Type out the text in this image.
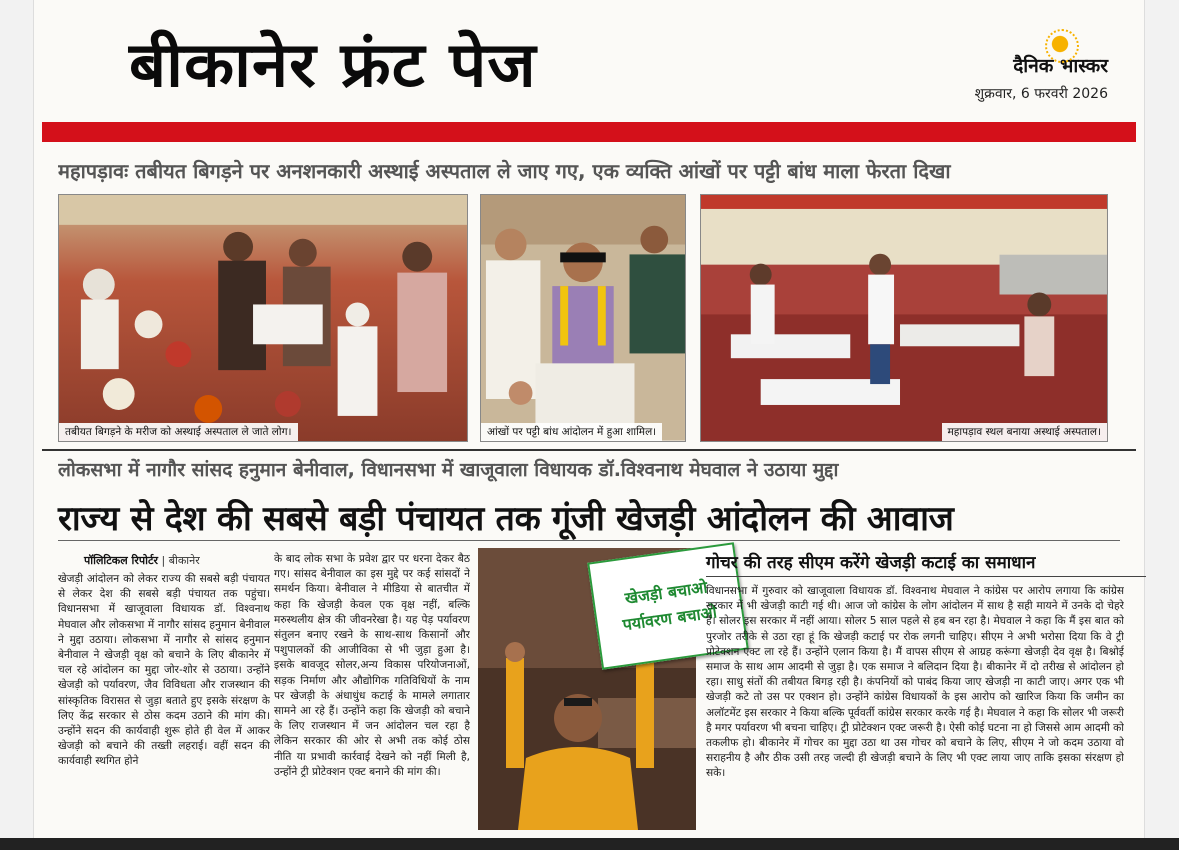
बीकानेर फ्रंट पेज	दैनिक भास्कर
शुक्रवार, 6 फरवरी 2026
महापड़ावः तबीयत बिगड़ने पर अनशनकारी अस्थाई अस्पताल ले जाए गए, एक व्यक्ति आंखों पर पट्टी बांध माला फेरता दिखा
तबीयत बिगड़ने के मरीज को अस्थाई अस्पताल ले जाते लोग।	आंखों पर पट्टी बांध आंदोलन में हुआ शामिल।	महापड़ाव स्थल बनाया अस्थाई अस्पताल।
लोकसभा में नागौर सांसद हनुमान बेनीवाल, विधानसभा में खाजूवाला विधायक डॉ.विश्वनाथ मेघवाल ने उठाया मुद्दा
राज्य से देश की सबसे बड़ी पंचायत तक गूंजी खेजड़ी आंदोलन की आवाज
पॉलिटिकल रिपोर्टर | बीकानेर
खेजड़ी आंदोलन को लेकर राज्य की सबसे बड़ी पंचायत से लेकर देश की सबसे बड़ी पंचायत तक पहुंचा। विधानसभा में खाजूवाला विधायक डॉ. विश्वनाथ मेघवाल और लोकसभा में नागौर सांसद हनुमान बेनीवाल ने मुद्दा उठाया। लोकसभा में नागौर से सांसद हनुमान बेनीवाल ने खेजड़ी वृक्ष को बचाने के लिए बीकानेर में चल रहे आंदोलन का मुद्दा जोर-शोर से उठाया। उन्होंने खेजड़ी को पर्यावरण, जैव विविधता और राजस्थान की सांस्कृतिक विरासत से जुड़ा बताते हुए इसके संरक्षण के लिए केंद्र सरकार से ठोस कदम उठाने की मांग की। उन्होंने सदन की कार्यवाही शुरू होते ही वेल में आकर खेजड़ी को बचाने की तख्ती लहराई। वहीं सदन की कार्यवाही स्थगित होने
के बाद लोक सभा के प्रवेश द्वार पर धरना देकर बैठ गए। सांसद बेनीवाल का इस मुद्दे पर कई सांसदों ने समर्थन किया। बेनीवाल ने मीडिया से बातचीत में कहा कि खेजड़ी केवल एक वृक्ष नहीं, बल्कि मरुस्थलीय क्षेत्र की जीवनरेखा है। यह पेड़ पर्यावरण संतुलन बनाए रखने के साथ-साथ किसानों और पशुपालकों की आजीविका से भी जुड़ा हुआ है। इसके बावजूद सोलर,अन्य विकास परियोजनाओं, सड़क निर्माण और औद्योगिक गतिविधियों के नाम पर खेजड़ी के अंधाधुंध कटाई के मामले लगातार सामने आ रहे हैं। उन्होंने कहा कि खेजड़ी को बचाने के लिए राजस्थान में जन आंदोलन चल रहा है लेकिन सरकार की ओर से अभी तक कोई ठोस नीति या प्रभावी कार्रवाई देखने को नहीं मिली है, उन्होंने ट्री प्रोटेक्शन एक्ट बनाने की मांग की।
खेजड़ी बचाओ
पर्यावरण बचाओ
गोचर की तरह सीएम करेंगे खेजड़ी कटाई का समाधान
विधानसभा में गुरुवार को खाजूवाला विधायक डॉ. विश्वनाथ मेघवाल ने कांग्रेस पर आरोप लगाया कि कांग्रेस सरकार में भी खेजड़ी काटी गई थी। आज जो कांग्रेस के लोग आंदोलन में साथ है सही मायने में उनके दो चेहरे हैं। सोलर इस सरकार में नहीं आया। सोलर 5 साल पहले से हब बन रहा है। मेघवाल ने कहा कि मैं इस बात को पुरजोर तरीके से उठा रहा हूं कि खेजड़ी कटाई पर रोक लगनी चाहिए। सीएम ने अभी भरोसा दिया कि वे ट्री प्रोटेक्शन एक्ट ला रहे हैं। उन्होंने एलान किया है। मैं वापस सीएम से आग्रह करूंगा खेजड़ी देव वृक्ष है। बिश्नोई समाज के साथ आम आदमी से जुड़ा है। एक समाज ने बलिदान दिया है। बीकानेर में दो तरीख से आंदोलन हो रहा। साधु संतों की तबीयत बिगड़ रही है। कंपनियों को पाबंद किया जाए खेजड़ी ना काटी जाए। अगर एक भी खेजड़ी कटे तो उस पर एक्शन हो। उन्होंने कांग्रेस विधायकों के इस आरोप को खारिज किया कि जमीन का अलॉटमेंट इस सरकार ने किया बल्कि पूर्ववर्ती कांग्रेस सरकार करके गई है। मेघवाल ने कहा कि सोलर भी जरूरी है मगर पर्यावरण भी बचना चाहिए। ट्री प्रोटेक्शन एक्ट जरूरी है। ऐसी कोई घटना ना हो जिससे आम आदमी को तकलीफ हो। बीकानेर में गोचर का मुद्दा उठा था उस गोचर को बचाने के लिए, सीएम ने जो कदम उठाया वो सराहनीय है और ठीक उसी तरह जल्दी ही खेजड़ी बचाने के लिए भी एक्ट लाया जाए ताकि इसका संरक्षण हो सके।
